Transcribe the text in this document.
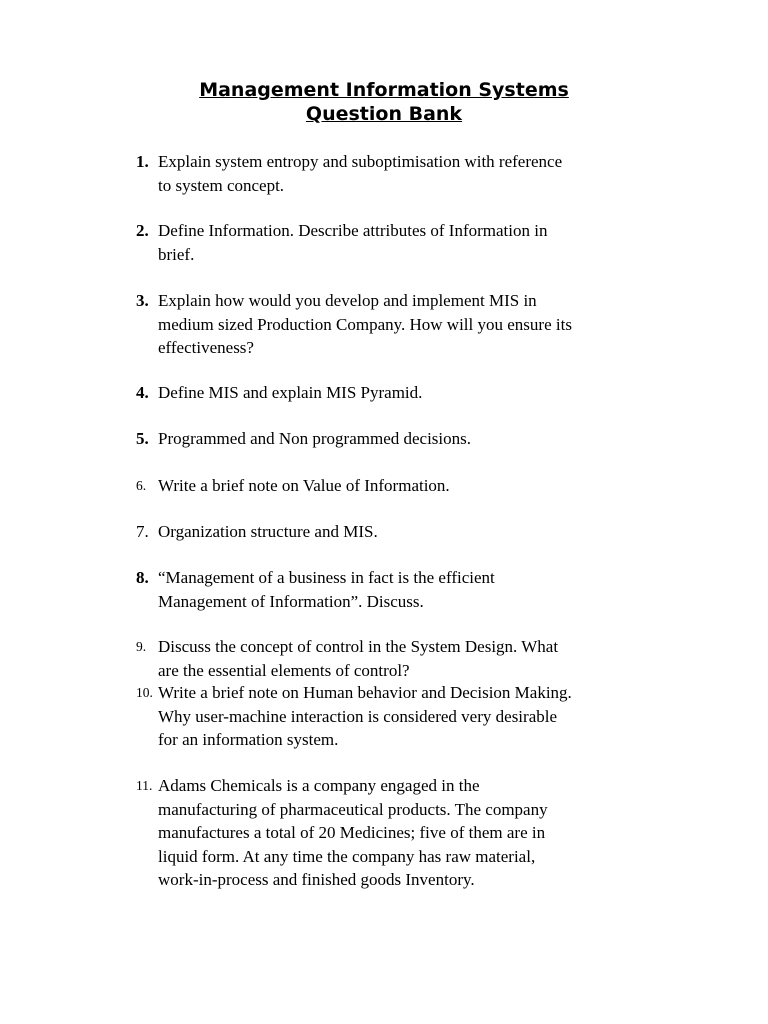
Management Information Systems
Question Bank
1. Explain system entropy and suboptimisation with reference
to system concept.

2. Define Information. Describe attributes of Information in
brief.

3. Explain how would you develop and implement MIS in
medium sized Production Company. How will you ensure its
effectiveness?

4. Define MIS and explain MIS Pyramid.

5. Programmed and Non programmed decisions.

6. Write a brief note on Value of Information.

7. Organization structure and MIS.

8. “Management of a business in fact is the efficient
Management of Information”. Discuss.

9. Discuss the concept of control in the System Design. What
are the essential elements of control?

10. Write a brief note on Human behavior and Decision Making.
Why user-machine interaction is considered very desirable
for an information system.

11. Adams Chemicals is a company engaged in the
manufacturing of pharmaceutical products. The company
manufactures a total of 20 Medicines; five of them are in
liquid form. At any time the company has raw material,
work-in-process and finished goods Inventory.
